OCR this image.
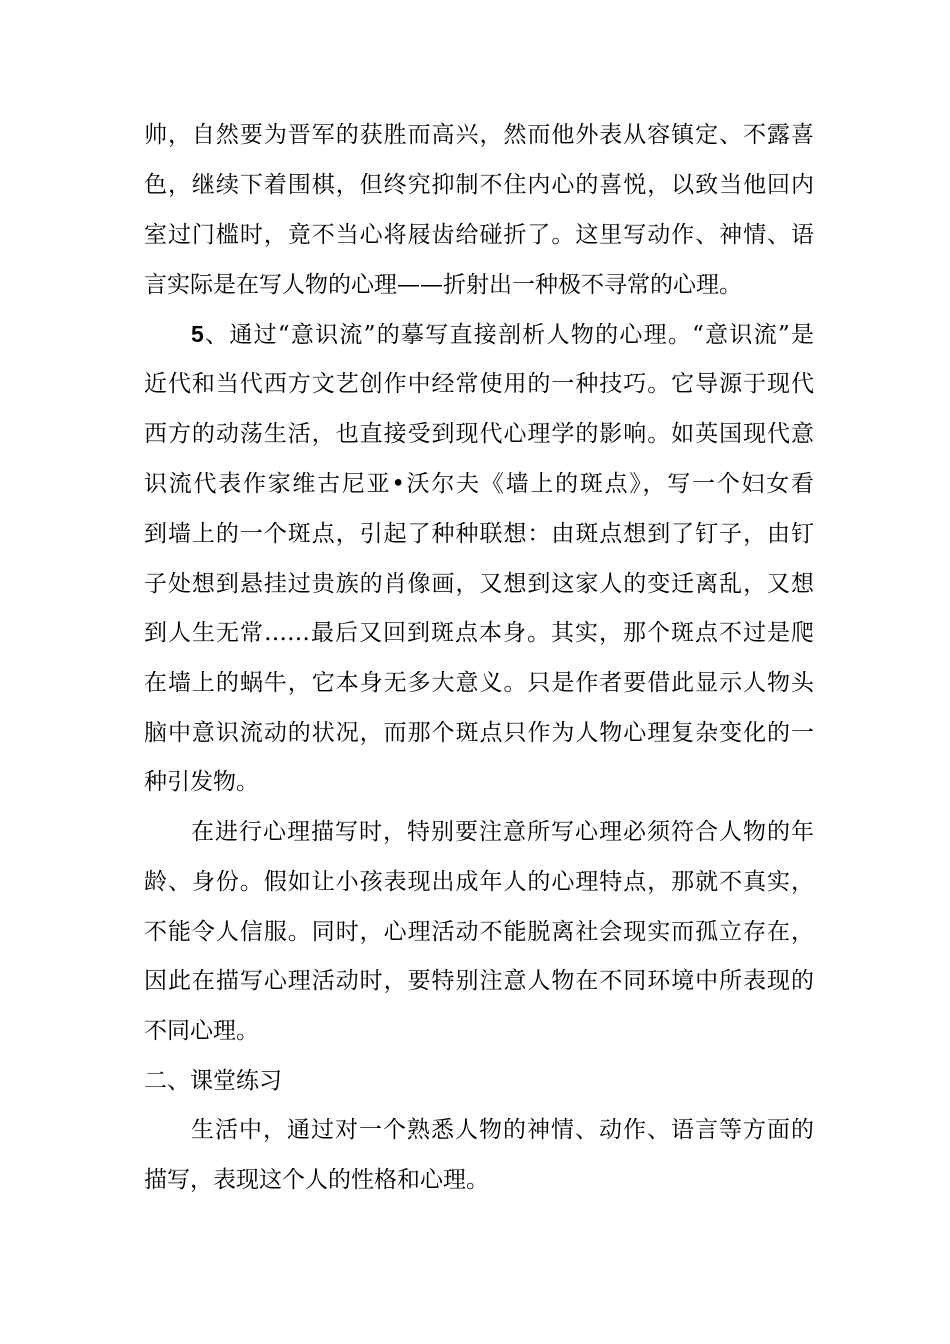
帅，自然要为晋军的获胜而高兴，然而他外表从容镇定、不露喜
色，继续下着围棋，但终究抑制不住内心的喜悦，以致当他回内
室过门槛时，竟不当心将屐齿给碰折了。这里写动作、神情、语
言实际是在写人物的心理——折射出一种极不寻常的心理。
5、通过“意识流”的摹写直接剖析人物的心理。“意识流”是
近代和当代西方文艺创作中经常使用的一种技巧。它导源于现代
西方的动荡生活，也直接受到现代心理学的影响。如英国现代意
识流代表作家维古尼亚•沃尔夫《墙上的斑点》，写一个妇女看
到墙上的一个斑点，引起了种种联想：由斑点想到了钉子，由钉
子处想到悬挂过贵族的肖像画，又想到这家人的变迁离乱，又想
到人生无常……最后又回到斑点本身。其实，那个斑点不过是爬
在墙上的蜗牛，它本身无多大意义。只是作者要借此显示人物头
脑中意识流动的状况，而那个斑点只作为人物心理复杂变化的一
种引发物。
在进行心理描写时，特别要注意所写心理必须符合人物的年
龄、身份。假如让小孩表现出成年人的心理特点，那就不真实，
不能令人信服。同时，心理活动不能脱离社会现实而孤立存在，
因此在描写心理活动时，要特别注意人物在不同环境中所表现的
不同心理。
二、课堂练习
生活中，通过对一个熟悉人物的神情、动作、语言等方面的
描写，表现这个人的性格和心理。
